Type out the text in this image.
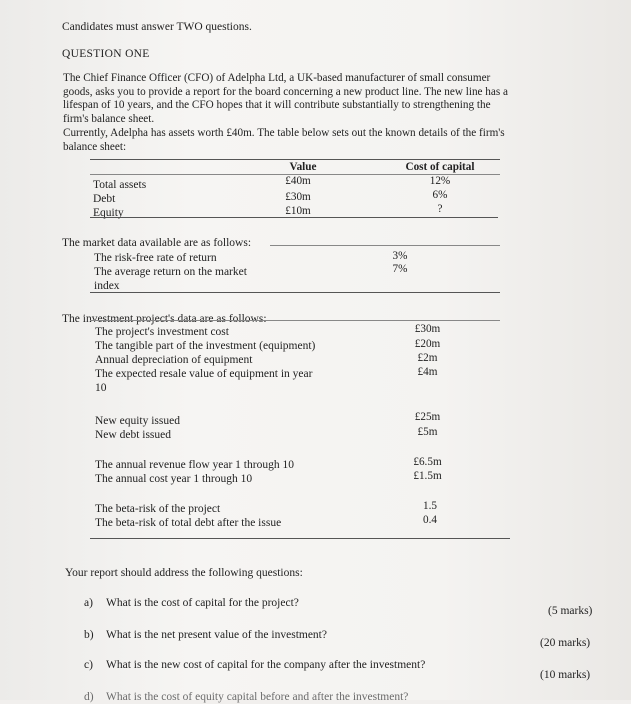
Candidates must answer TWO questions.
QUESTION ONE
The Chief Finance Officer (CFO) of Adelpha Ltd, a UK-based manufacturer of small consumer
goods, asks you to provide a report for the board concerning a new product line. The new line has a
lifespan of 10 years, and the CFO hopes that it will contribute substantially to strengthening the
firm's balance sheet.
Currently, Adelpha has assets worth £40m. The table below sets out the known details of the firm's
balance sheet:
Value	Cost of capital
Total assets	£40m	12%
Debt	£30m	6%
Equity	£10m	?
The market data available are as follows:
The risk-free rate of return	3%
The average return on the market	7%
index
The investment project's data are as follows:
The project's investment cost	£30m
The tangible part of the investment (equipment)	£20m
Annual depreciation of equipment	£2m
The expected resale value of equipment in year	£4m
10
New equity issued	£25m
New debt issued	£5m
The annual revenue flow year 1 through 10	£6.5m
The annual cost year 1 through 10	£1.5m
The beta-risk of the project	1.5
The beta-risk of total debt after the issue	0.4
Your report should address the following questions:
a) What is the cost of capital for the project?
(5 marks)
b) What is the net present value of the investment?
(20 marks)
c) What is the new cost of capital for the company after the investment?
(10 marks)
d) What is the cost of equity capital before and after the investment?
